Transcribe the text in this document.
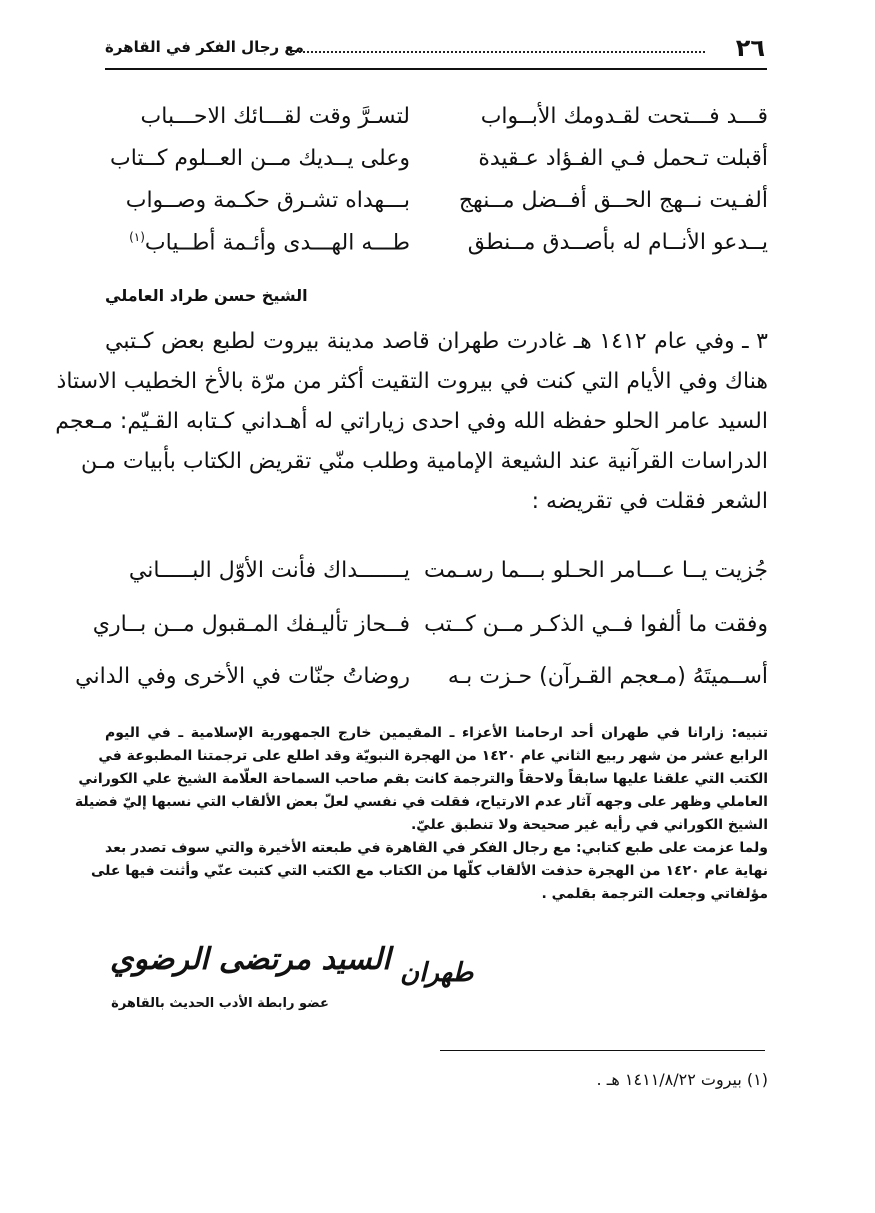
٢٦
مع رجال الفكر في القاهرة
قـــد فـــتحت لقـدومك الأبــواب
لتسـرَّ وقت لقـــائك الاحـــباب
أقبلت تـحمل فـي الفـؤاد عـقيدة
وعلى يــديك مــن العــلوم كــتاب
ألفـيت نــهج الحــق أفــضل مــنهج
بـــهداه تشـرق حكـمة وصــواب
يــدعو الأنــام له بأصــدق مــنطق
طـــه الهـــدى وأئـمة أطــياب$^{(١)}$
الشيخ حسن طراد العاملي
٣ ـ وفي عام ١٤١٢ هـ غادرت طهران قاصد مدينة بيروت لطبع بعض كـتبي
هناك وفي الأيام التي كنت في بيروت التقيت أكثر من مرّة بالأخ الخطيب الاستاذ
السيد عامر الحلو حفظه الله وفي احدى زياراتي له أهـداني كـتابه القـيّم: مـعجم
الدراسات القرآنية عند الشيعة الإمامية وطلب منّي تقريض الكتاب بأبيات مـن
الشعر فقلت في تقريضه :
جُزيت يــا عـــامر الحـلو بـــما رسـمت
يـــــــداك فأنت الأوّل البـــــاني
وفقت ما ألفوا فــي الذكـر مــن كــتب
فــحاز تأليـفك المـقبول مــن بــاري
أســميتَهُ (مـعجم القـرآن) حـزت بـه
روضاتُ جنّات في الأخرى وفي الداني
تنبيه: زارانا في طهران أحد ارحامنا الأعزاء ـ المقيمين خارج الجمهورية الإسلامية ـ في اليوم
الرابع عشر من شهر ربيع الثاني عام ١٤٢٠ من الهجرة النبويّة وقد اطلع على ترجمتنا المطبوعة في
الكتب التي علقنا عليها سابقاً ولاحقاً والترجمة كانت بقم صاحب السماحة العلّامة الشيخ علي الكوراني
العاملي وظهر على وجهه آثار عدم الارتياح، فقلت في نفسي لعلّ بعض الألقاب التي نسبها إليّ فضيلة
الشيخ الكوراني في رأيه غير صحيحة ولا تنطبق عليّ.
ولما عزمت على طبع كتابي: مع رجال الفكر في القاهرة في طبعته الأخيرة والتي سوف تصدر بعد
نهاية عام ١٤٢٠ من الهجرة حذفت الألقاب كلّها من الكتاب مع الكتب التي كتبت عنّي وأثنت فيها على
مؤلفاتي وجعلت الترجمة بقلمي .
طهران
السيد مرتضى الرضوي
عضو رابطة الأدب الحديث بالقاهرة
(١) بيروت ١٤١١/٨/٢٢ هـ .
